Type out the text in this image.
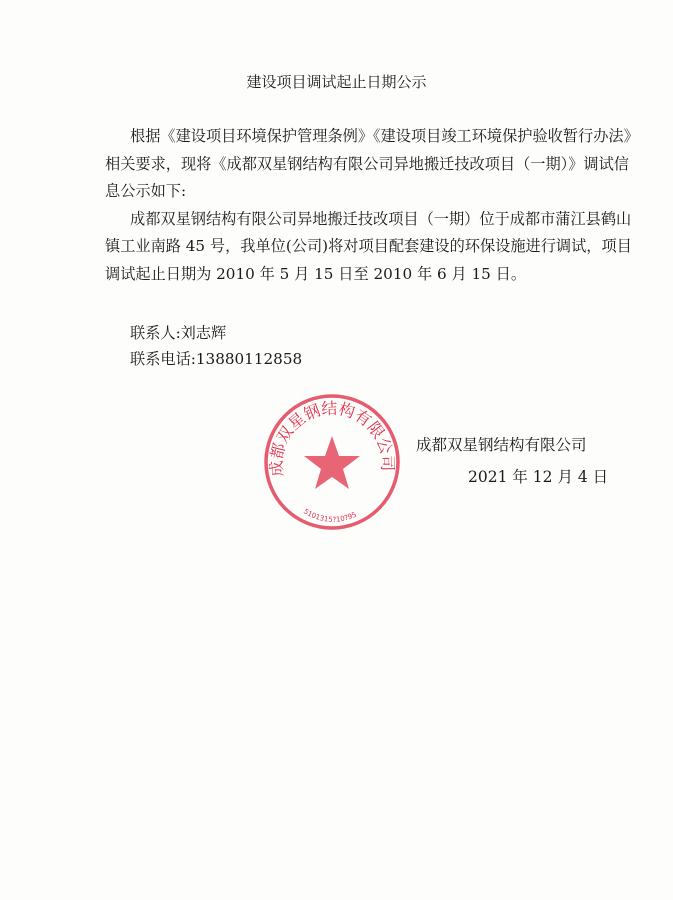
建设项目调试起止日期公示
根据《建设项目环境保护管理条例》《建设项目竣工环境保护验收暂行办法》
相关要求，现将《成都双星钢结构有限公司异地搬迁技改项目（一期）》调试信
息公示如下:
成都双星钢结构有限公司异地搬迁技改项目（一期）位于成都市蒲江县鹤山
镇工业南路 45 号，我单位(公司)将对项目配套建设的环保设施进行调试，项目
调试起止日期为 2010 年 5 月 15 日至 2010 年 6 月 15 日。
联系人:刘志辉
联系电话:13880112858
成都双星钢结构有限公司
5101315?10?95
成都双星钢结构有限公司
2021 年 12 月 4 日
